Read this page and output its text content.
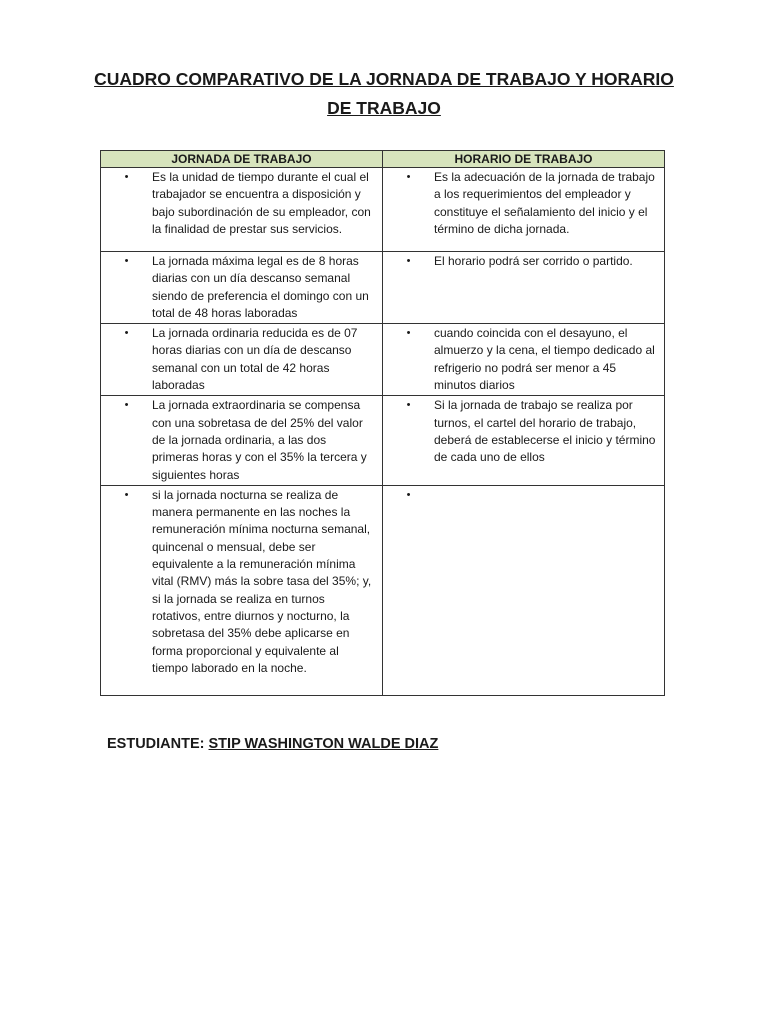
CUADRO COMPARATIVO DE LA JORNADA DE TRABAJO Y HORARIO
DE TRABAJO
JORNADA DE TRABAJO	HORARIO DE TRABAJO

• Es la unidad de tiempo durante el cual el trabajador se encuentra a disposición y bajo subordinación de su empleador, con la finalidad de prestar sus servicios.	• Es la adecuación de la jornada de trabajo a los requerimientos del empleador y constituye el señalamiento del inicio y el término de dicha jornada.

• La jornada máxima legal es de 8 horas diarias con un día descanso semanal siendo de preferencia el domingo con un total de 48 horas laboradas	• El horario podrá ser corrido o partido.

• La jornada ordinaria reducida es de 07 horas diarias con un día de descanso semanal con un total de 42 horas laboradas	• cuando coincida con el desayuno, el almuerzo y la cena, el tiempo dedicado al refrigerio no podrá ser menor a 45 minutos diarios

• La jornada extraordinaria se compensa con una sobretasa de del 25% del valor de la jornada ordinaria, a las dos primeras horas y con el 35% la tercera y siguientes horas	• Si la jornada de trabajo se realiza por turnos, el cartel del horario de trabajo, deberá de establecerse el inicio y término de cada uno de ellos

• si la jornada nocturna se realiza de manera permanente en las noches la remuneración mínima nocturna semanal, quincenal o mensual, debe ser equivalente a la remuneración mínima vital (RMV) más la sobre tasa del 35%; y, si la jornada se realiza en turnos rotativos, entre diurnos y nocturno, la sobretasa del 35% debe aplicarse en forma proporcional y equivalente al tiempo laborado en la noche.	•
ESTUDIANTE: STIP WASHINGTON WALDE DIAZ
